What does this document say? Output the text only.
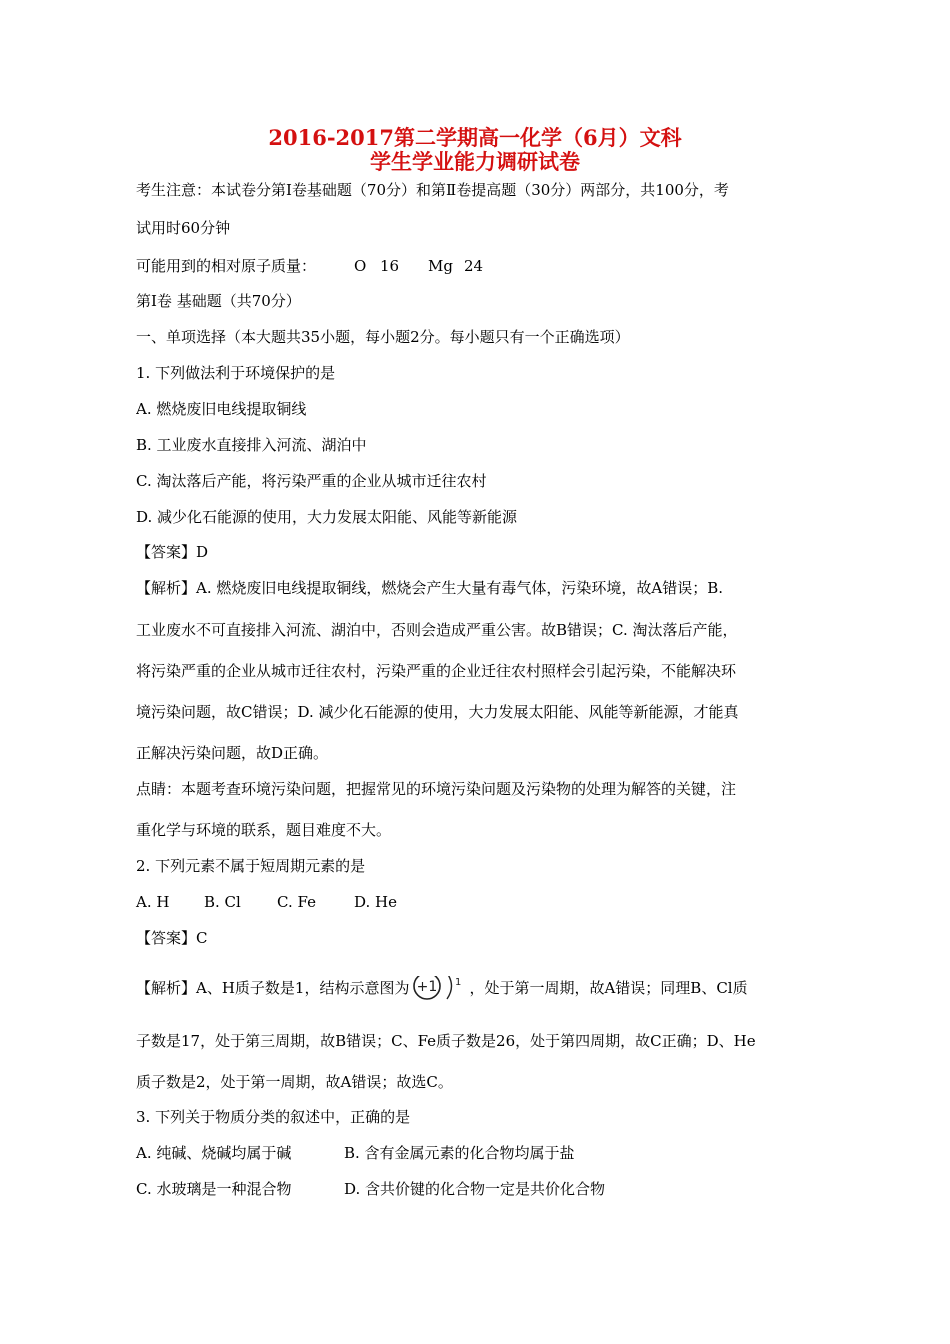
2016-2017第二学期高一化学（6月）文科
学生学业能力调研试卷
考生注意：本试卷分第Ⅰ卷基础题（70分）和第Ⅱ卷提高题（30分）两部分，共100分，考
试用时60分钟
可能用到的相对原子质量：	O 16 Mg 24
第Ⅰ卷 基础题（共70分）
一、单项选择（本大题共35小题，每小题2分。每小题只有一个正确选项）
1. 下列做法利于环境保护的是
A. 燃烧废旧电线提取铜线
B. 工业废水直接排入河流、湖泊中
C. 淘汰落后产能，将污染严重的企业从城市迁往农村
D. 减少化石能源的使用，大力发展太阳能、风能等新能源
【答案】D
【解析】A. 燃烧废旧电线提取铜线，燃烧会产生大量有毒气体，污染环境，故A错误；B.
工业废水不可直接排入河流、湖泊中，否则会造成严重公害。故B错误；C. 淘汰落后产能，
将污染严重的企业从城市迁往农村，污染严重的企业迁往农村照样会引起污染，不能解决环
境污染问题，故C错误；D. 减少化石能源的使用，大力发展太阳能、风能等新能源，才能真
正解决污染问题，故D正确。
点睛：本题考查环境污染问题，把握常见的环境污染问题及污染物的处理为解答的关键，注
重化学与环境的联系，题目难度不大。
2. 下列元素不属于短周期元素的是
A. H B. Cl C. Fe	D. He
【答案】C
【解析】A、H质子数是1，结构示意图为 +1 1 ，处于第一周期，故A错误；同理B、Cl质
子数是17，处于第三周期，故B错误；C、Fe质子数是26，处于第四周期，故C正确；D、He
质子数是2，处于第一周期，故A错误；故选C。
3. 下列关于物质分类的叙述中，正确的是
A. 纯碱、烧碱均属于碱	B. 含有金属元素的化合物均属于盐
C. 水玻璃是一种混合物	D. 含共价键的化合物一定是共价化合物
